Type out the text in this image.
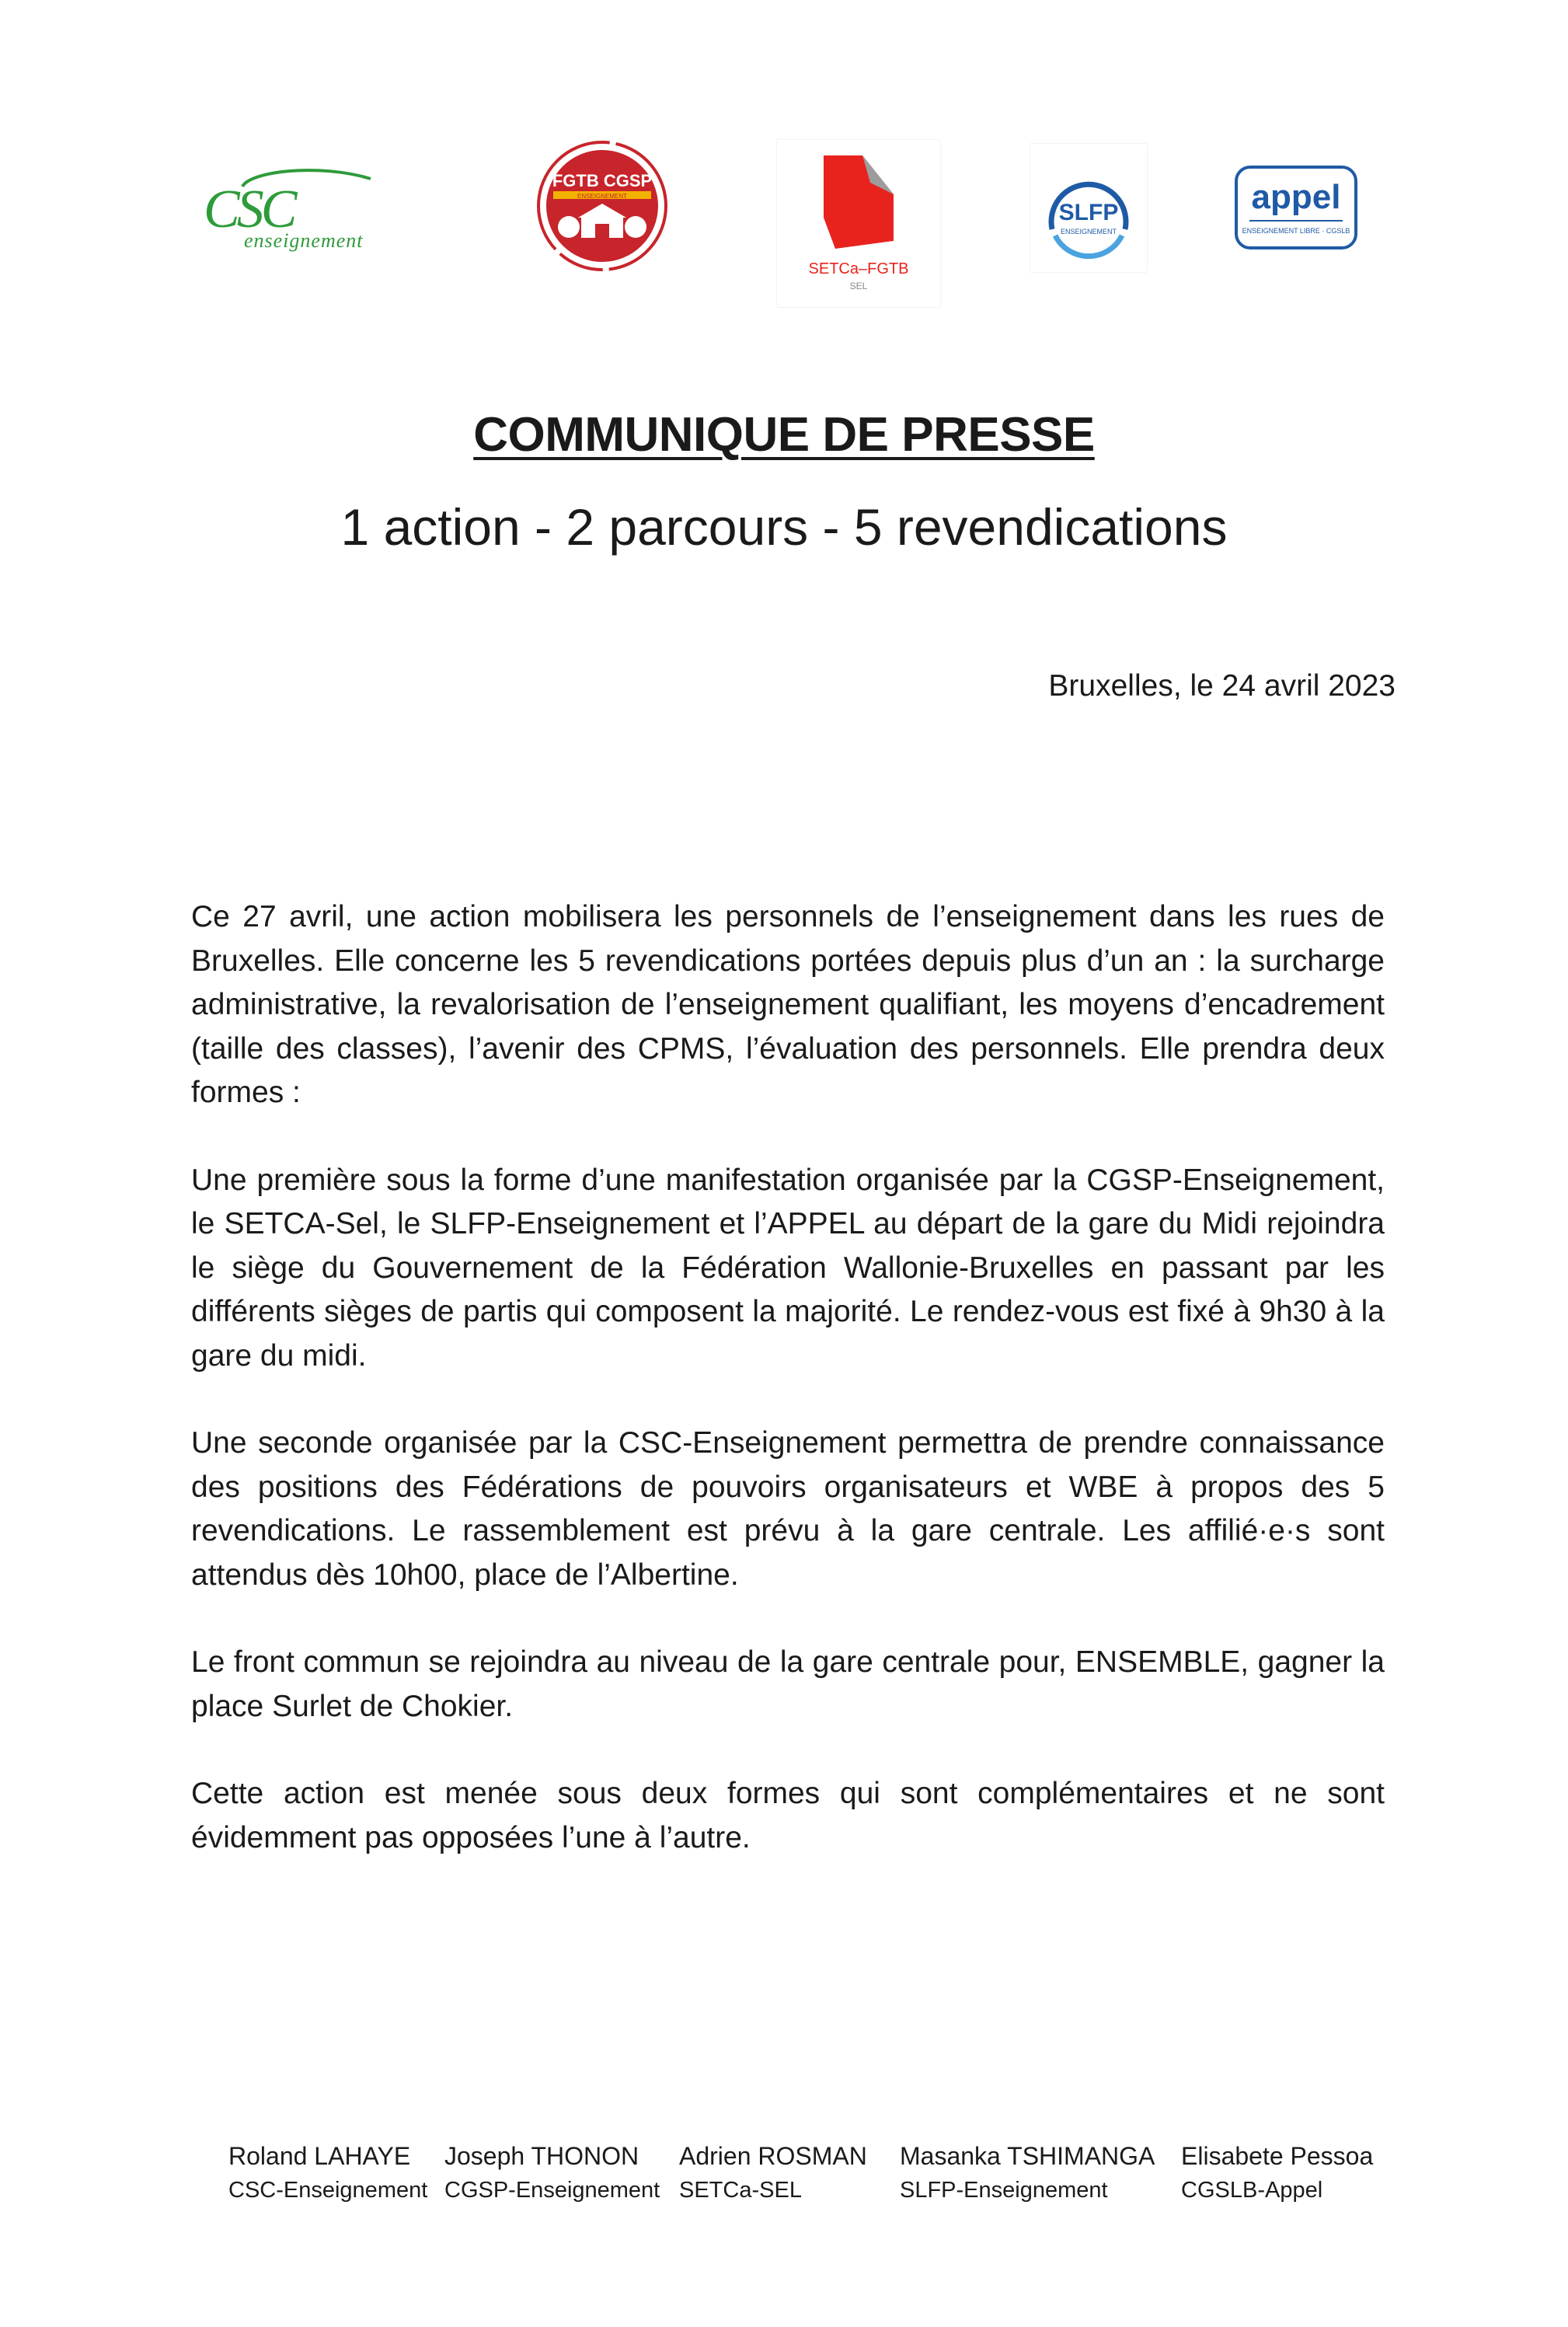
CSC
enseignement
FGTB CGSP
ENSEIGNEMENT
SETCa–FGTB
SEL
SLFP
ENSEIGNEMENT
appel
ENSEIGNEMENT LIBRE · CGSLB
COMMUNIQUE DE PRESSE
1 action - 2 parcours - 5 revendications
Bruxelles, le 24 avril 2023

Ce 27 avril, une action mobilisera les personnels de l’enseignement dans les rues de Bruxelles. Elle concerne les 5 revendications portées depuis plus d’un an : la surcharge administrative, la revalorisation de l’enseignement qualifiant, les moyens d’encadrement (taille des classes), l’avenir des CPMS, l’évaluation des personnels. Elle prendra deux formes :

Une première sous la forme d’une manifestation organisée par la CGSP-Enseignement, le SETCA-Sel, le SLFP-Enseignement et l’APPEL au départ de la gare du Midi rejoindra le siège du Gouvernement de la Fédération Wallonie-Bruxelles en passant par les différents sièges de partis qui composent la majorité. Le rendez-vous est fixé à 9h30 à la gare du midi.

Une seconde organisée par la CSC-Enseignement permettra de prendre connaissance des positions des Fédérations de pouvoirs organisateurs et WBE à propos des 5 revendications. Le rassemblement est prévu à la gare centrale. Les affilié·e·s sont attendus dès 10h00, place de l’Albertine.

Le front commun se rejoindra au niveau de la gare centrale pour, ENSEMBLE, gagner la place Surlet de Chokier.

Cette action est menée sous deux formes qui sont complémentaires et ne sont évidemment pas opposées l’une à l’autre.

Roland LAHAYE
CSC-Enseignement
Joseph THONON
CGSP-Enseignement
Adrien ROSMAN
SETCa-SEL
Masanka TSHIMANGA
SLFP-Enseignement
Elisabete Pessoa
CGSLB-Appel
